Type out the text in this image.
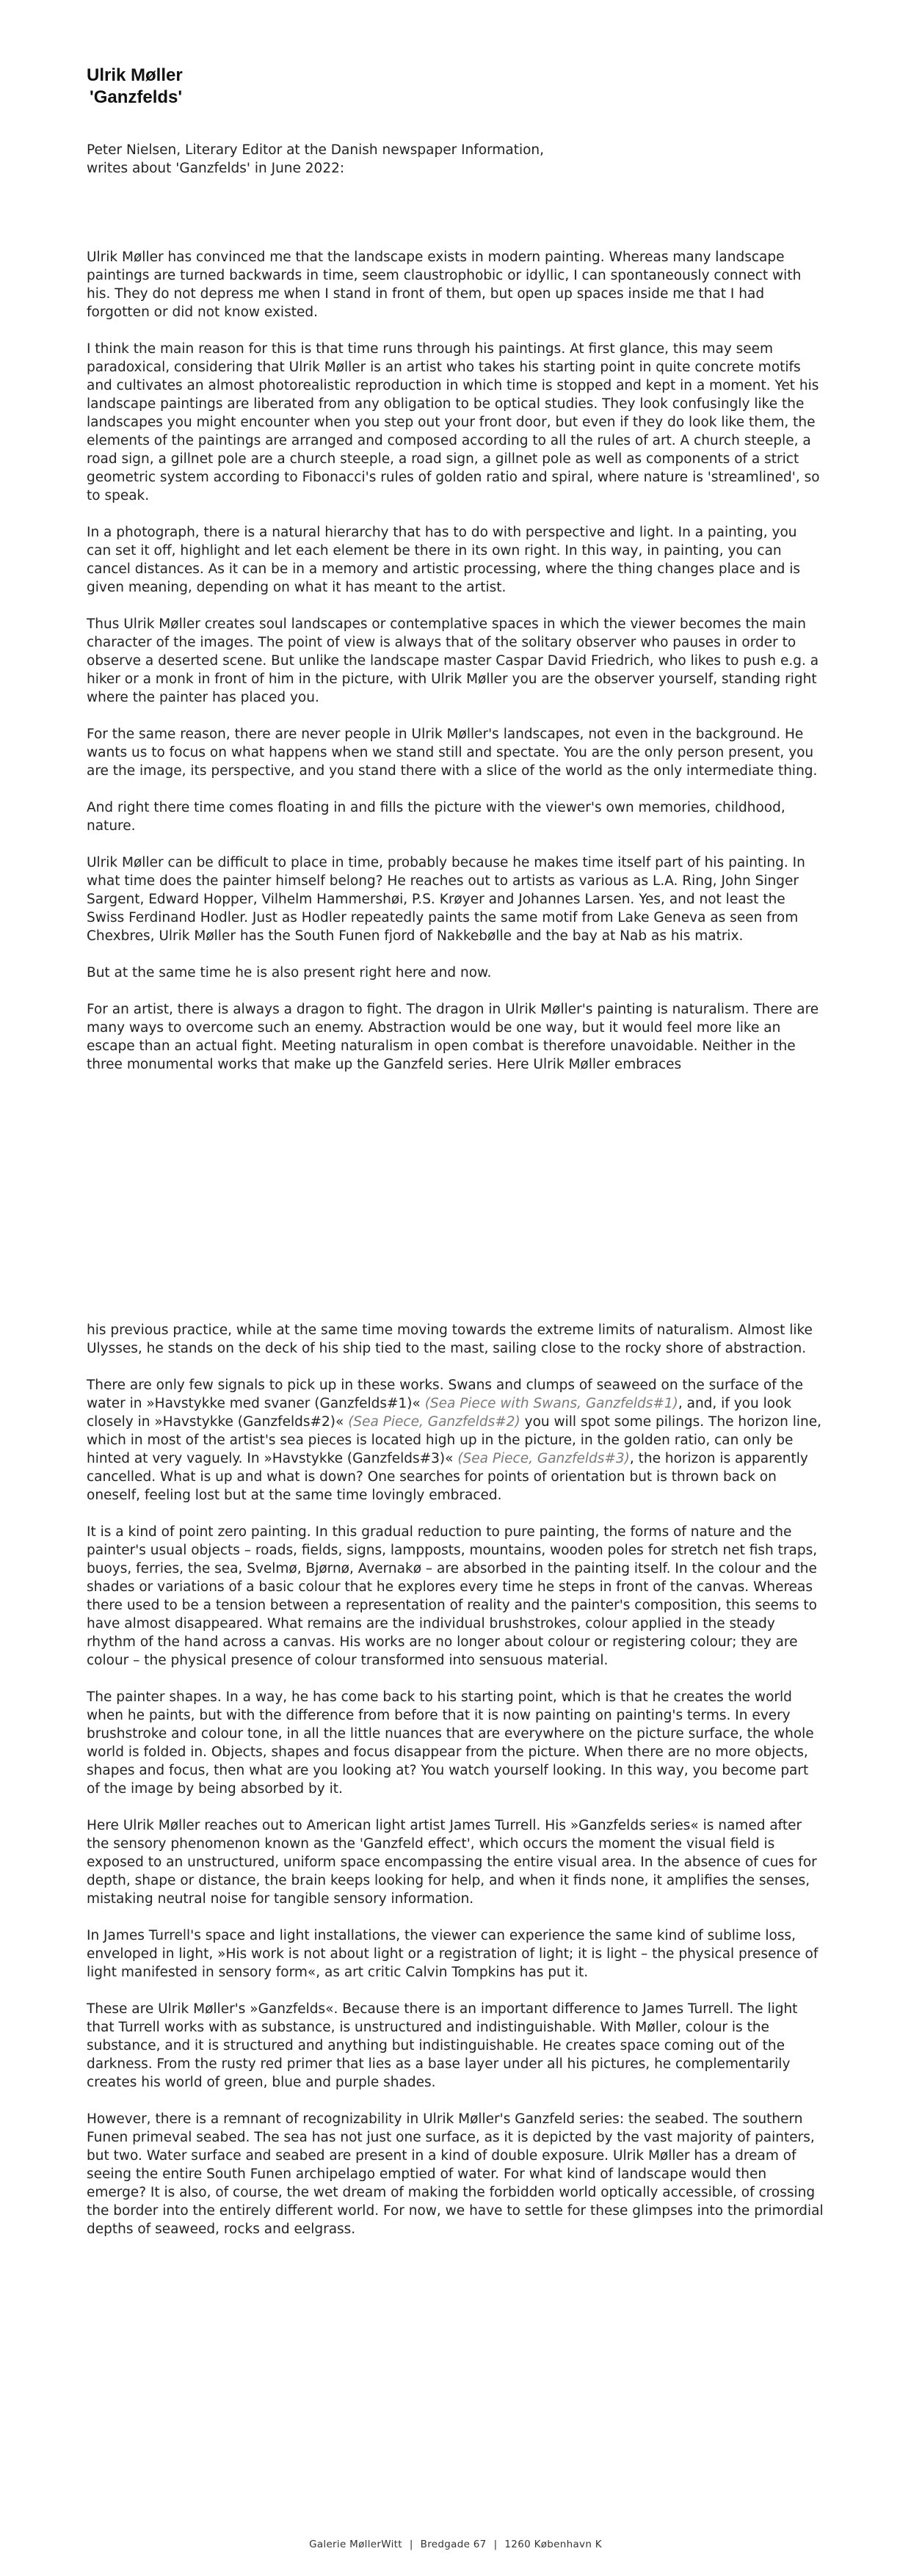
Ulrik Møller
'Ganzfelds'
Peter Nielsen, Literary Editor at the Danish newspaper Information,
writes about 'Ganzfelds' in June 2022:

Ulrik Møller has convinced me that the landscape exists in modern painting. Whereas many landscape paintings are turned backwards in time, seem claustrophobic or idyllic, I can spontaneously connect with his. They do not depress me when I stand in front of them, but open up spaces inside me that I had forgotten or did not know existed.

I think the main reason for this is that time runs through his paintings. At first glance, this may seem paradoxical, considering that Ulrik Møller is an artist who takes his starting point in quite concrete motifs and cultivates an almost photorealistic reproduction in which time is stopped and kept in a moment. Yet his landscape paintings are liberated from any obligation to be optical studies. They look confusingly like the landscapes you might encounter when you step out your front door, but even if they do look like them, the elements of the paintings are arranged and composed according to all the rules of art. A church steeple, a road sign, a gillnet pole are a church steeple, a road sign, a gillnet pole as well as components of a strict geometric system according to Fibonacci's rules of golden ratio and spiral, where nature is 'streamlined', so to speak.

In a photograph, there is a natural hierarchy that has to do with perspective and light. In a painting, you can set it off, highlight and let each element be there in its own right. In this way, in painting, you can cancel distances. As it can be in a memory and artistic processing, where the thing changes place and is given meaning, depending on what it has meant to the artist.

Thus Ulrik Møller creates soul landscapes or contemplative spaces in which the viewer becomes the main character of the images. The point of view is always that of the solitary observer who pauses in order to observe a deserted scene. But unlike the landscape master Caspar David Friedrich, who likes to push e.g. a hiker or a monk in front of him in the picture, with Ulrik Møller you are the observer yourself, standing right where the painter has placed you.

For the same reason, there are never people in Ulrik Møller's landscapes, not even in the background. He wants us to focus on what happens when we stand still and spectate. You are the only person present, you are the image, its perspective, and you stand there with a slice of the world as the only intermediate thing.

And right there time comes floating in and fills the picture with the viewer's own memories, childhood, nature.

Ulrik Møller can be difficult to place in time, probably because he makes time itself part of his painting. In what time does the painter himself belong? He reaches out to artists as various as L.A. Ring, John Singer Sargent, Edward Hopper, Vilhelm Hammershøi, P.S. Krøyer and Johannes Larsen. Yes, and not least the Swiss Ferdinand Hodler. Just as Hodler repeatedly paints the same motif from Lake Geneva as seen from Chexbres, Ulrik Møller has the South Funen fjord of Nakkebølle and the bay at Nab as his matrix.

But at the same time he is also present right here and now.

For an artist, there is always a dragon to fight. The dragon in Ulrik Møller's painting is naturalism. There are many ways to overcome such an enemy. Abstraction would be one way, but it would feel more like an escape than an actual fight. Meeting naturalism in open combat is therefore unavoidable. Neither in the three monumental works that make up the Ganzfeld series. Here Ulrik Møller embraces

his previous practice, while at the same time moving towards the extreme limits of naturalism. Almost like Ulysses, he stands on the deck of his ship tied to the mast, sailing close to the rocky shore of abstraction.

There are only few signals to pick up in these works. Swans and clumps of seaweed on the surface of the water in »Havstykke med svaner (Ganzfelds#1)« (Sea Piece with Swans, Ganzfelds#1), and, if you look closely in »Havstykke (Ganzfelds#2)« (Sea Piece, Ganzfelds#2) you will spot some pilings. The horizon line, which in most of the artist's sea pieces is located high up in the picture, in the golden ratio, can only be hinted at very vaguely. In »Havstykke (Ganzfelds#3)« (Sea Piece, Ganzfelds#3), the horizon is apparently cancelled. What is up and what is down? One searches for points of orientation but is thrown back on oneself, feeling lost but at the same time lovingly embraced.

It is a kind of point zero painting. In this gradual reduction to pure painting, the forms of nature and the painter's usual objects – roads, fields, signs, lampposts, mountains, wooden poles for stretch net fish traps, buoys, ferries, the sea, Svelmø, Bjørnø, Avernakø – are absorbed in the painting itself. In the colour and the shades or variations of a basic colour that he explores every time he steps in front of the canvas. Whereas there used to be a tension between a representation of reality and the painter's composition, this seems to have almost disappeared. What remains are the individual brushstrokes, colour applied in the steady rhythm of the hand across a canvas. His works are no longer about colour or registering colour; they are colour – the physical presence of colour transformed into sensuous material.

The painter shapes. In a way, he has come back to his starting point, which is that he creates the world when he paints, but with the difference from before that it is now painting on painting's terms. In every brushstroke and colour tone, in all the little nuances that are everywhere on the picture surface, the whole world is folded in. Objects, shapes and focus disappear from the picture. When there are no more objects, shapes and focus, then what are you looking at? You watch yourself looking. In this way, you become part of the image by being absorbed by it.

Here Ulrik Møller reaches out to American light artist James Turrell. His »Ganzfelds series« is named after the sensory phenomenon known as the 'Ganzfeld effect', which occurs the moment the visual field is exposed to an unstructured, uniform space encompassing the entire visual area. In the absence of cues for depth, shape or distance, the brain keeps looking for help, and when it finds none, it amplifies the senses, mistaking neutral noise for tangible sensory information.

In James Turrell's space and light installations, the viewer can experience the same kind of sublime loss, enveloped in light, »His work is not about light or a registration of light; it is light – the physical presence of light manifested in sensory form«, as art critic Calvin Tompkins has put it.

These are Ulrik Møller's »Ganzfelds«. Because there is an important difference to James Turrell. The light that Turrell works with as substance, is unstructured and indistinguishable. With Møller, colour is the substance, and it is structured and anything but indistinguishable. He creates space coming out of the darkness. From the rusty red primer that lies as a base layer under all his pictures, he complementarily creates his world of green, blue and purple shades.

However, there is a remnant of recognizability in Ulrik Møller's Ganzfeld series: the seabed. The southern Funen primeval seabed. The sea has not just one surface, as it is depicted by the vast majority of painters, but two. Water surface and seabed are present in a kind of double exposure. Ulrik Møller has a dream of seeing the entire South Funen archipelago emptied of water. For what kind of landscape would then emerge? It is also, of course, the wet dream of making the forbidden world optically accessible, of crossing the border into the entirely different world. For now, we have to settle for these glimpses into the primordial depths of seaweed, rocks and eelgrass.

Galerie MøllerWitt | Bredgade 67 | 1260 København K
